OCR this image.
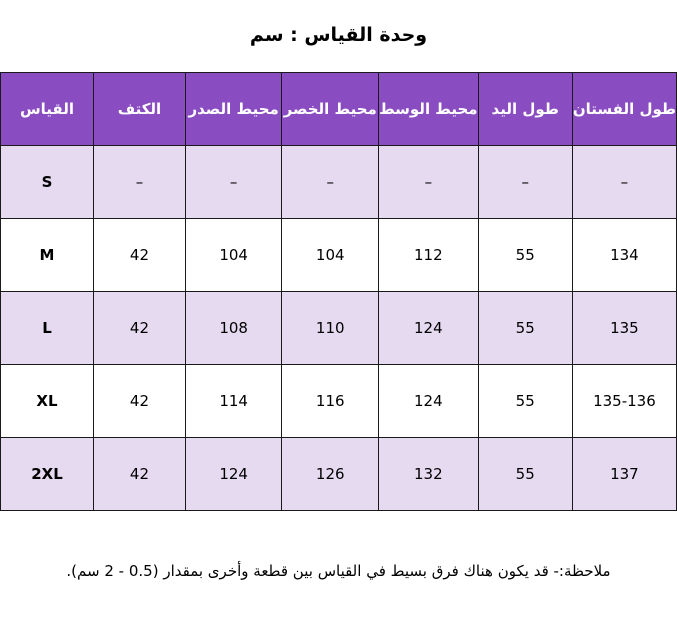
وحدة القياس : سم
طول الفستان	طول اليد	محيط الوسط	محيط الخصر	محيط الصدر	الكتف	القياس
–	–	–	–	–	–	S
134	55	112	104	104	42	M
135	55	124	110	108	42	L
135-136	55	124	116	114	42	XL
137	55	132	126	124	42	2XL
ملاحظة:- قد يكون هناك فرق بسيط في القياس بين قطعة وأخرى بمقدار (0.5 - 2 سم).
